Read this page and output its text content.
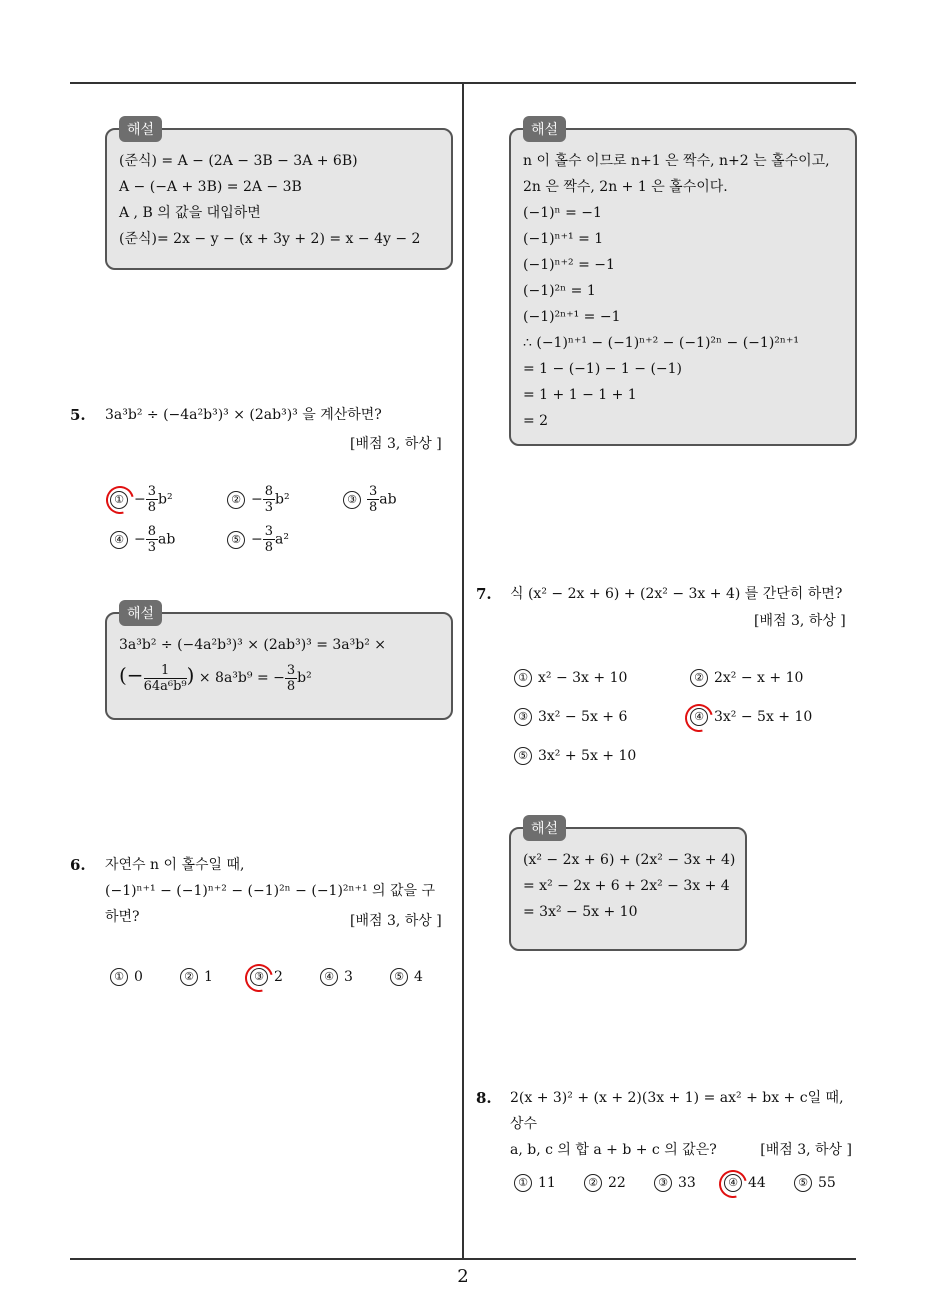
해설
(준식) = A − (2A − 3B − 3A + 6B)
A − (−A + 3B) = 2A − 3B
A , B 의 값을 대입하면
(준식)= 2x − y − (x + 3y + 2) = x − 4y − 2
5. 3a³b² ÷ (−4a²b³)³ × (2ab³)³ 을 계산하면?
[배점 3, 하상 ]
① − $\frac{3}{8} b^2$	② − $\frac{8}{3} b^2$	③ $\frac{3}{8}$ ab
④ − $\frac{8}{3}$ ab	⑤ − $\frac{3}{8} a^2$
해설
3a³b² ÷ (−4a²b³)³ × (2ab³)³ = 3a³b² ×
(− $\frac{1}{\text{64a⁶b⁹}}$ ) × 8a³b⁹ = − $\frac{3}{8} b^2$
6. 자연수 n 이 홀수일 때,
(−1)ⁿ⁺¹ − (−1)ⁿ⁺² − (−1)²ⁿ − (−1)²ⁿ⁺¹ 의 값을 구
하면?	[배점 3, 하상 ]
① 0	② 1	③ 2	④ 3	⑤ 4
해설
n 이 홀수 이므로 n+1 은 짝수, n+2 는 홀수이고,
2n 은 짝수, 2n + 1 은 홀수이다.
(−1)ⁿ = −1
(−1)ⁿ⁺¹ = 1
(−1)ⁿ⁺² = −1
(−1)²ⁿ = 1
(−1)²ⁿ⁺¹ = −1
∴ (−1)ⁿ⁺¹ − (−1)ⁿ⁺² − (−1)²ⁿ − (−1)²ⁿ⁺¹
= 1 − (−1) − 1 − (−1)
= 1 + 1 − 1 + 1
= 2
7. 식 (x² − 2x + 6) + (2x² − 3x + 4) 를 간단히 하면?
[배점 3, 하상 ]
① x² − 3x + 10	② 2x² − x + 10
③ 3x² − 5x + 6	④ 3x² − 5x + 10
⑤ 3x² + 5x + 10
해설
(x² − 2x + 6) + (2x² − 3x + 4)
= x² − 2x + 6 + 2x² − 3x + 4
= 3x² − 5x + 10
8. 2(x + 3)² + (x + 2)(3x + 1) = ax² + bx + c일 때, 상수
a, b, c 의 합 a + b + c 의 값은?	[배점 3, 하상 ]
① 11	② 22	③ 33	④ 44	⑤ 55
2
